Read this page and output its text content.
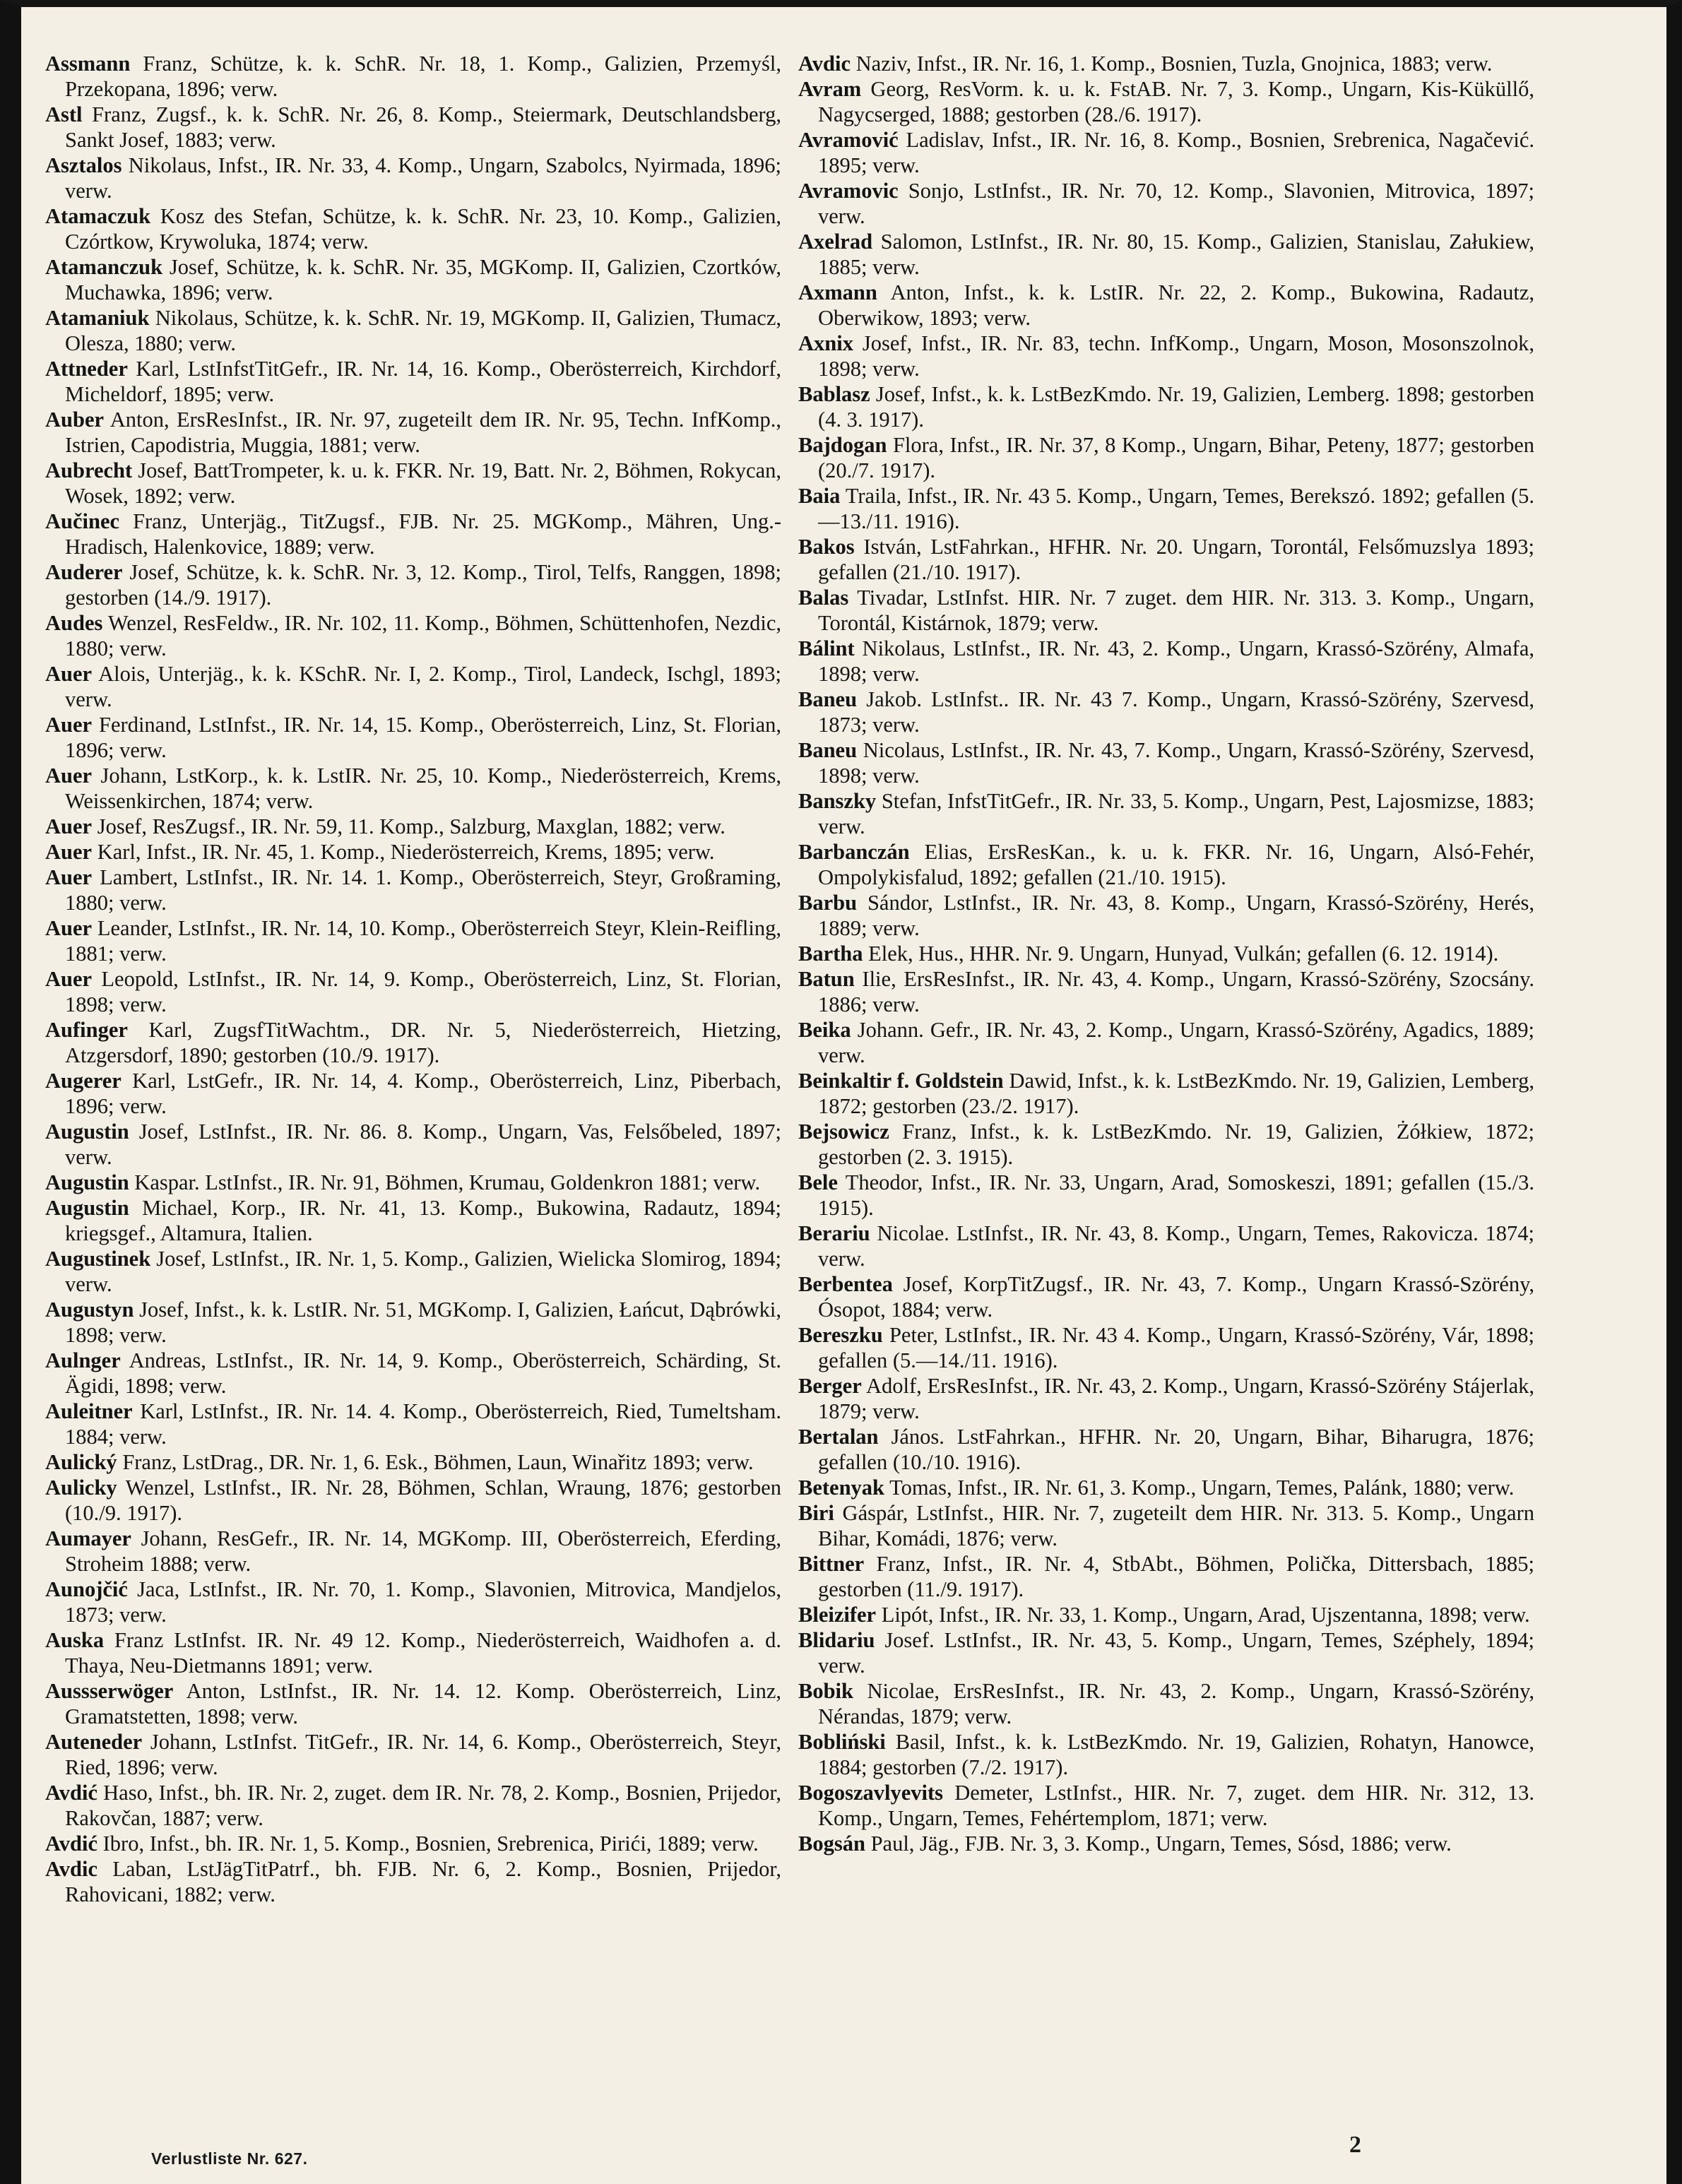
Assmann Franz, Schütze, k. k. SchR. Nr. 18, 1. Komp., Galizien, Przemyśl, Przekopana, 1896; verw.

Astl Franz, Zugsf., k. k. SchR. Nr. 26, 8. Komp., Steiermark, Deutschlandsberg, Sankt Josef, 1883; verw.

Asztalos Nikolaus, Infst., IR. Nr. 33, 4. Komp., Ungarn, Szabolcs, Nyirmada, 1896; verw.

Atamaczuk Kosz des Stefan, Schütze, k. k. SchR. Nr. 23, 10. Komp., Galizien, Czórtkow, Krywoluka, 1874; verw.

Atamanczuk Josef, Schütze, k. k. SchR. Nr. 35, MGKomp. II, Galizien, Czortków, Muchawka, 1896; verw.

Atamaniuk Nikolaus, Schütze, k. k. SchR. Nr. 19, MGKomp. II, Galizien, Tłumacz, Olesza, 1880; verw.

Attneder Karl, LstInfstTitGefr., IR. Nr. 14, 16. Komp., Oberösterreich, Kirchdorf, Micheldorf, 1895; verw.

Auber Anton, ErsResInfst., IR. Nr. 97, zugeteilt dem IR. Nr. 95, Techn. InfKomp., Istrien, Capodistria, Muggia, 1881; verw.

Aubrecht Josef, BattTrompeter, k. u. k. FKR. Nr. 19, Batt. Nr. 2, Böhmen, Rokycan, Wosek, 1892; verw.

Aučinec Franz, Unterjäg., TitZugsf., FJB. Nr. 25. MGKomp., Mähren, Ung.-Hradisch, Halenkovice, 1889; verw.

Auderer Josef, Schütze, k. k. SchR. Nr. 3, 12. Komp., Tirol, Telfs, Ranggen, 1898; gestorben (14./9. 1917).

Audes Wenzel, ResFeldw., IR. Nr. 102, 11. Komp., Böhmen, Schüttenhofen, Nezdic, 1880; verw.

Auer Alois, Unterjäg., k. k. KSchR. Nr. I, 2. Komp., Tirol, Landeck, Ischgl, 1893; verw.

Auer Ferdinand, LstInfst., IR. Nr. 14, 15. Komp., Oberösterreich, Linz, St. Florian, 1896; verw.

Auer Johann, LstKorp., k. k. LstIR. Nr. 25, 10. Komp., Niederösterreich, Krems, Weissenkirchen, 1874; verw.

Auer Josef, ResZugsf., IR. Nr. 59, 11. Komp., Salzburg, Maxglan, 1882; verw.

Auer Karl, Infst., IR. Nr. 45, 1. Komp., Niederösterreich, Krems, 1895; verw.

Auer Lambert, LstInfst., IR. Nr. 14. 1. Komp., Oberösterreich, Steyr, Großraming, 1880; verw.

Auer Leander, LstInfst., IR. Nr. 14, 10. Komp., Oberösterreich Steyr, Klein-Reifling, 1881; verw.

Auer Leopold, LstInfst., IR. Nr. 14, 9. Komp., Oberösterreich, Linz, St. Florian, 1898; verw.

Aufinger Karl, ZugsfTitWachtm., DR. Nr. 5, Niederösterreich, Hietzing, Atzgersdorf, 1890; gestorben (10./9. 1917).

Augerer Karl, LstGefr., IR. Nr. 14, 4. Komp., Oberösterreich, Linz, Piberbach, 1896; verw.

Augustin Josef, LstInfst., IR. Nr. 86. 8. Komp., Ungarn, Vas, Felsőbeled, 1897; verw.

Augustin Kaspar. LstInfst., IR. Nr. 91, Böhmen, Krumau, Goldenkron 1881; verw.

Augustin Michael, Korp., IR. Nr. 41, 13. Komp., Bukowina, Radautz, 1894; kriegsgef., Altamura, Italien.

Augustinek Josef, LstInfst., IR. Nr. 1, 5. Komp., Galizien, Wielicka Slomirog, 1894; verw.

Augustyn Josef, Infst., k. k. LstIR. Nr. 51, MGKomp. I, Galizien, Łańcut, Dąbrówki, 1898; verw.

Aulnger Andreas, LstInfst., IR. Nr. 14, 9. Komp., Oberösterreich, Schärding, St. Ägidi, 1898; verw.

Auleitner Karl, LstInfst., IR. Nr. 14. 4. Komp., Oberösterreich, Ried, Tumeltsham. 1884; verw.

Aulický Franz, LstDrag., DR. Nr. 1, 6. Esk., Böhmen, Laun, Winařitz 1893; verw.

Aulicky Wenzel, LstInfst., IR. Nr. 28, Böhmen, Schlan, Wraung, 1876; gestorben (10./9. 1917).

Aumayer Johann, ResGefr., IR. Nr. 14, MGKomp. III, Oberösterreich, Eferding, Stroheim 1888; verw.

Aunojčić Jaca, LstInfst., IR. Nr. 70, 1. Komp., Slavonien, Mitrovica, Mandjelos, 1873; verw.

Auska Franz LstInfst. IR. Nr. 49 12. Komp., Niederösterreich, Waidhofen a. d. Thaya, Neu-Dietmanns 1891; verw.

Aussserwöger Anton, LstInfst., IR. Nr. 14. 12. Komp. Oberösterreich, Linz, Gramatstetten, 1898; verw.

Auteneder Johann, LstInfst. TitGefr., IR. Nr. 14, 6. Komp., Oberösterreich, Steyr, Ried, 1896; verw.

Avdić Haso, Infst., bh. IR. Nr. 2, zuget. dem IR. Nr. 78, 2. Komp., Bosnien, Prijedor, Rakovčan, 1887; verw.

Avdić Ibro, Infst., bh. IR. Nr. 1, 5. Komp., Bosnien, Srebrenica, Pirići, 1889; verw.

Avdic Laban, LstJägTitPatrf., bh. FJB. Nr. 6, 2. Komp., Bosnien, Prijedor, Rahovicani, 1882; verw.

Avdic Naziv, Infst., IR. Nr. 16, 1. Komp., Bosnien, Tuzla, Gnojnica, 1883; verw.

Avram Georg, ResVorm. k. u. k. FstAB. Nr. 7, 3. Komp., Ungarn, Kis-Küküllő, Nagycserged, 1888; gestorben (28./6. 1917).

Avramović Ladislav, Infst., IR. Nr. 16, 8. Komp., Bosnien, Srebrenica, Nagačević. 1895; verw.

Avramovic Sonjo, LstInfst., IR. Nr. 70, 12. Komp., Slavonien, Mitrovica, 1897; verw.

Axelrad Salomon, LstInfst., IR. Nr. 80, 15. Komp., Galizien, Stanislau, Załukiew, 1885; verw.

Axmann Anton, Infst., k. k. LstIR. Nr. 22, 2. Komp., Bukowina, Radautz, Oberwikow, 1893; verw.

Axnix Josef, Infst., IR. Nr. 83, techn. InfKomp., Ungarn, Moson, Mosonszolnok, 1898; verw.

Bablasz Josef, Infst., k. k. LstBezKmdo. Nr. 19, Galizien, Lemberg. 1898; gestorben (4. 3. 1917).

Bajdogan Flora, Infst., IR. Nr. 37, 8 Komp., Ungarn, Bihar, Peteny, 1877; gestorben (20./7. 1917).

Baia Traila, Infst., IR. Nr. 43 5. Komp., Ungarn, Temes, Berekszó. 1892; gefallen (5.—13./11. 1916).

Bakos István, LstFahrkan., HFHR. Nr. 20. Ungarn, Torontál, Felsőmuzslya 1893; gefallen (21./10. 1917).

Balas Tivadar, LstInfst. HIR. Nr. 7 zuget. dem HIR. Nr. 313. 3. Komp., Ungarn, Torontál, Kistárnok, 1879; verw.

Bálint Nikolaus, LstInfst., IR. Nr. 43, 2. Komp., Ungarn, Krassó-Szörény, Almafa, 1898; verw.

Baneu Jakob. LstInfst.. IR. Nr. 43 7. Komp., Ungarn, Krassó-Szörény, Szervesd, 1873; verw.

Baneu Nicolaus, LstInfst., IR. Nr. 43, 7. Komp., Ungarn, Krassó-Szörény, Szervesd, 1898; verw.

Banszky Stefan, InfstTitGefr., IR. Nr. 33, 5. Komp., Ungarn, Pest, Lajosmizse, 1883; verw.

Barbanczán Elias, ErsResKan., k. u. k. FKR. Nr. 16, Ungarn, Alsó-Fehér, Ompolykisfalud, 1892; gefallen (21./10. 1915).

Barbu Sándor, LstInfst., IR. Nr. 43, 8. Komp., Ungarn, Krassó-Szörény, Herés, 1889; verw.

Bartha Elek, Hus., HHR. Nr. 9. Ungarn, Hunyad, Vulkán; gefallen (6. 12. 1914).

Batun Ilie, ErsResInfst., IR. Nr. 43, 4. Komp., Ungarn, Krassó-Szörény, Szocsány. 1886; verw.

Beika Johann. Gefr., IR. Nr. 43, 2. Komp., Ungarn, Krassó-Szörény, Agadics, 1889; verw.

Beinkaltir f. Goldstein Dawid, Infst., k. k. LstBezKmdo. Nr. 19, Galizien, Lemberg, 1872; gestorben (23./2. 1917).

Bejsowicz Franz, Infst., k. k. LstBezKmdo. Nr. 19, Galizien, Żółkiew, 1872; gestorben (2. 3. 1915).

Bele Theodor, Infst., IR. Nr. 33, Ungarn, Arad, Somoskeszi, 1891; gefallen (15./3. 1915).

Berariu Nicolae. LstInfst., IR. Nr. 43, 8. Komp., Ungarn, Temes, Rakovicza. 1874; verw.

Berbentea Josef, KorpTitZugsf., IR. Nr. 43, 7. Komp., Ungarn Krassó-Szörény, Ósopot, 1884; verw.

Bereszku Peter, LstInfst., IR. Nr. 43 4. Komp., Ungarn, Krassó-Szörény, Vár, 1898; gefallen (5.—14./11. 1916).

Berger Adolf, ErsResInfst., IR. Nr. 43, 2. Komp., Ungarn, Krassó-Szörény Stájerlak, 1879; verw.

Bertalan János. LstFahrkan., HFHR. Nr. 20, Ungarn, Bihar, Biharugra, 1876; gefallen (10./10. 1916).

Betenyak Tomas, Infst., IR. Nr. 61, 3. Komp., Ungarn, Temes, Palánk, 1880; verw.

Biri Gáspár, LstInfst., HIR. Nr. 7, zugeteilt dem HIR. Nr. 313. 5. Komp., Ungarn Bihar, Komádi, 1876; verw.

Bittner Franz, Infst., IR. Nr. 4, StbAbt., Böhmen, Polička, Dittersbach, 1885; gestorben (11./9. 1917).

Bleizifer Lipót, Infst., IR. Nr. 33, 1. Komp., Ungarn, Arad, Ujszentanna, 1898; verw.

Blidariu Josef. LstInfst., IR. Nr. 43, 5. Komp., Ungarn, Temes, Széphely, 1894; verw.

Bobik Nicolae, ErsResInfst., IR. Nr. 43, 2. Komp., Ungarn, Krassó-Szörény, Nérandas, 1879; verw.

Bobliński Basil, Infst., k. k. LstBezKmdo. Nr. 19, Galizien, Rohatyn, Hanowce, 1884; gestorben (7./2. 1917).

Bogoszavlyevits Demeter, LstInfst., HIR. Nr. 7, zuget. dem HIR. Nr. 312, 13. Komp., Ungarn, Temes, Fehértemplom, 1871; verw.

Bogsán Paul, Jäg., FJB. Nr. 3, 3. Komp., Ungarn, Temes, Sósd, 1886; verw.

Verlustliste Nr. 627.
2
